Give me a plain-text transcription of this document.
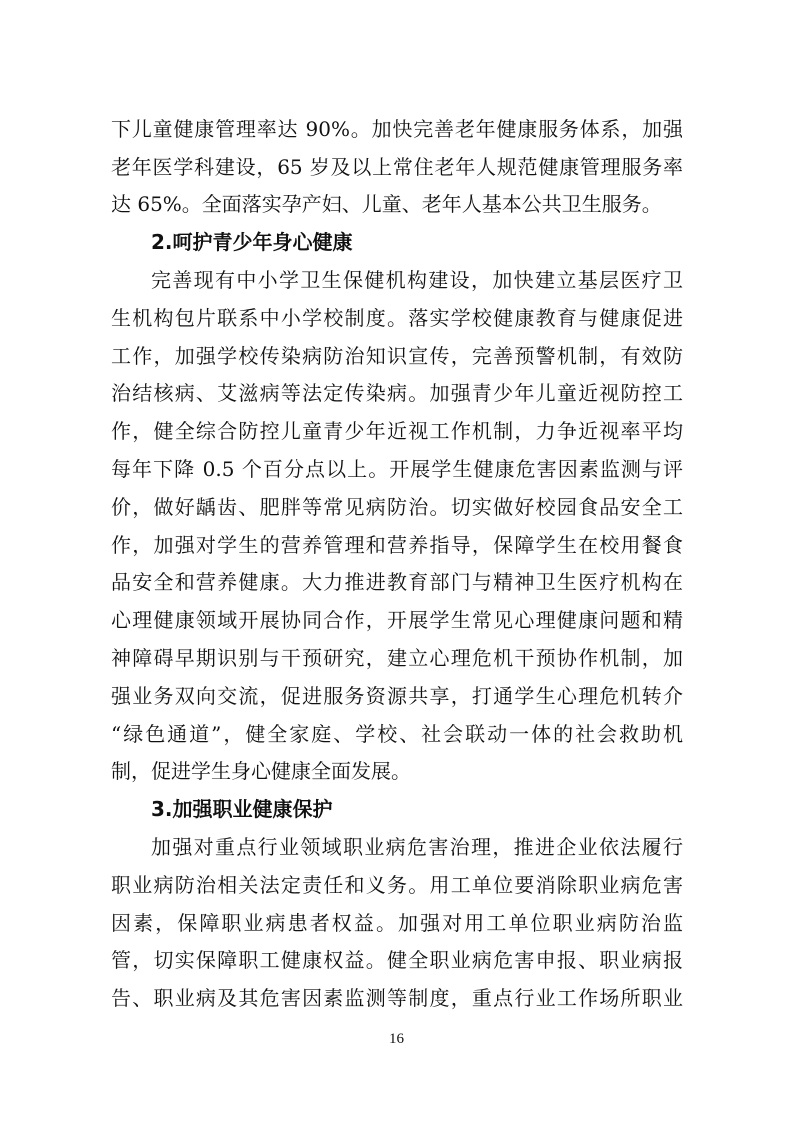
下儿童健康管理率达 90%。加快完善老年健康服务体系，加强
老年医学科建设，65 岁及以上常住老年人规范健康管理服务率
达 65%。全面落实孕产妇、儿童、老年人基本公共卫生服务。
2.呵护青少年身心健康
完善现有中小学卫生保健机构建设，加快建立基层医疗卫
生机构包片联系中小学校制度。落实学校健康教育与健康促进
工作，加强学校传染病防治知识宣传，完善预警机制，有效防
治结核病、艾滋病等法定传染病。加强青少年儿童近视防控工
作，健全综合防控儿童青少年近视工作机制，力争近视率平均
每年下降 0.5 个百分点以上。开展学生健康危害因素监测与评
价，做好龋齿、肥胖等常见病防治。切实做好校园食品安全工
作，加强对学生的营养管理和营养指导，保障学生在校用餐食
品安全和营养健康。大力推进教育部门与精神卫生医疗机构在
心理健康领域开展协同合作，开展学生常见心理健康问题和精
神障碍早期识别与干预研究，建立心理危机干预协作机制，加
强业务双向交流，促进服务资源共享，打通学生心理危机转介
“绿色通道”，健全家庭、学校、社会联动一体的社会救助机
制，促进学生身心健康全面发展。
3.加强职业健康保护
加强对重点行业领域职业病危害治理，推进企业依法履行
职业病防治相关法定责任和义务。用工单位要消除职业病危害
因素，保障职业病患者权益。加强对用工单位职业病防治监
管，切实保障职工健康权益。健全职业病危害申报、职业病报
告、职业病及其危害因素监测等制度，重点行业工作场所职业
16
